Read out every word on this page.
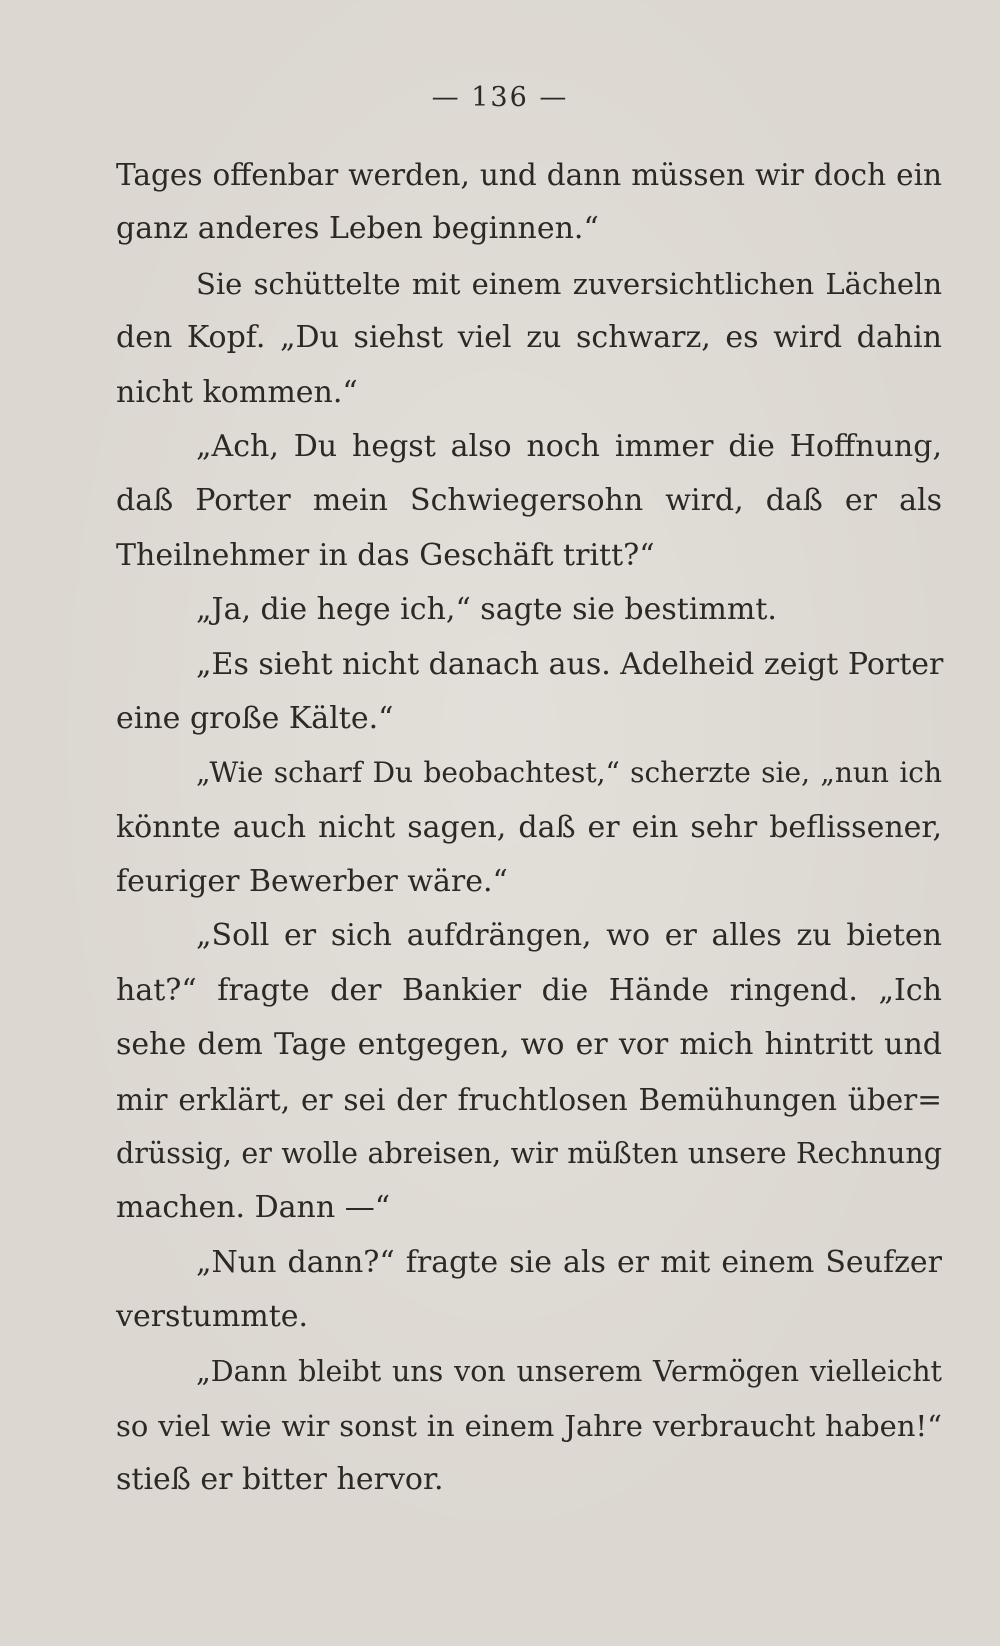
— 136 —
Tages offenbar werden, und dann müssen wir doch ein
ganz anderes Leben beginnen.“
Sie schüttelte mit einem zuversichtlichen Lächeln
den Kopf. „Du siehst viel zu schwarz, es wird dahin
nicht kommen.“
„Ach, Du hegst also noch immer die Hoffnung,
daß Porter mein Schwiegersohn wird, daß er als
Theilnehmer in das Geschäft tritt?“
„Ja, die hege ich,“ sagte sie bestimmt.
„Es sieht nicht danach aus. Adelheid zeigt Porter
eine große Kälte.“
„Wie scharf Du beobachtest,“ scherzte sie, „nun ich
könnte auch nicht sagen, daß er ein sehr beflissener,
feuriger Bewerber wäre.“
„Soll er sich aufdrängen, wo er alles zu bieten
hat?“ fragte der Bankier die Hände ringend. „Ich
sehe dem Tage entgegen, wo er vor mich hintritt und
mir erklärt, er sei der fruchtlosen Bemühungen über=
drüssig, er wolle abreisen, wir müßten unsere Rechnung
machen. Dann —“
„Nun dann?“ fragte sie als er mit einem Seufzer
verstummte.
„Dann bleibt uns von unserem Vermögen vielleicht
so viel wie wir sonst in einem Jahre verbraucht haben!“
stieß er bitter hervor.
